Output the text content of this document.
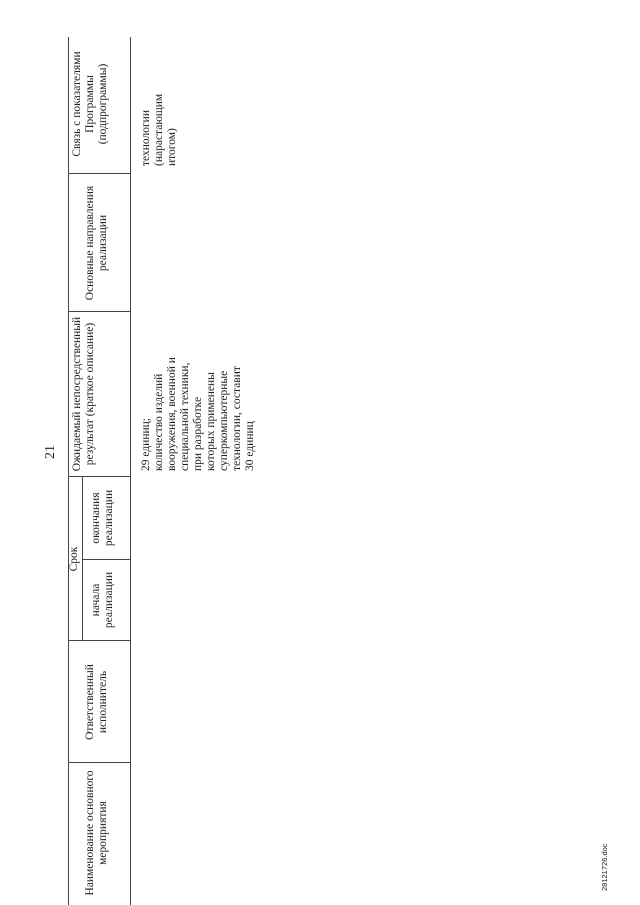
21
Наименование основного мероприятия
Ответственный исполнитель
Срок
начала реализации
окончания реализации
Ожидаемый непосредственный результат (краткое описание)
Основные направления реализации
Связь с показателями Программы (подпрограммы)
29 единиц; количество изделий вооружения, военной и специальной техники, при разработке которых применены суперкомпьютерные технологии, составит 30 единиц
технологии (нарастающим итогом)
28121726.doc
